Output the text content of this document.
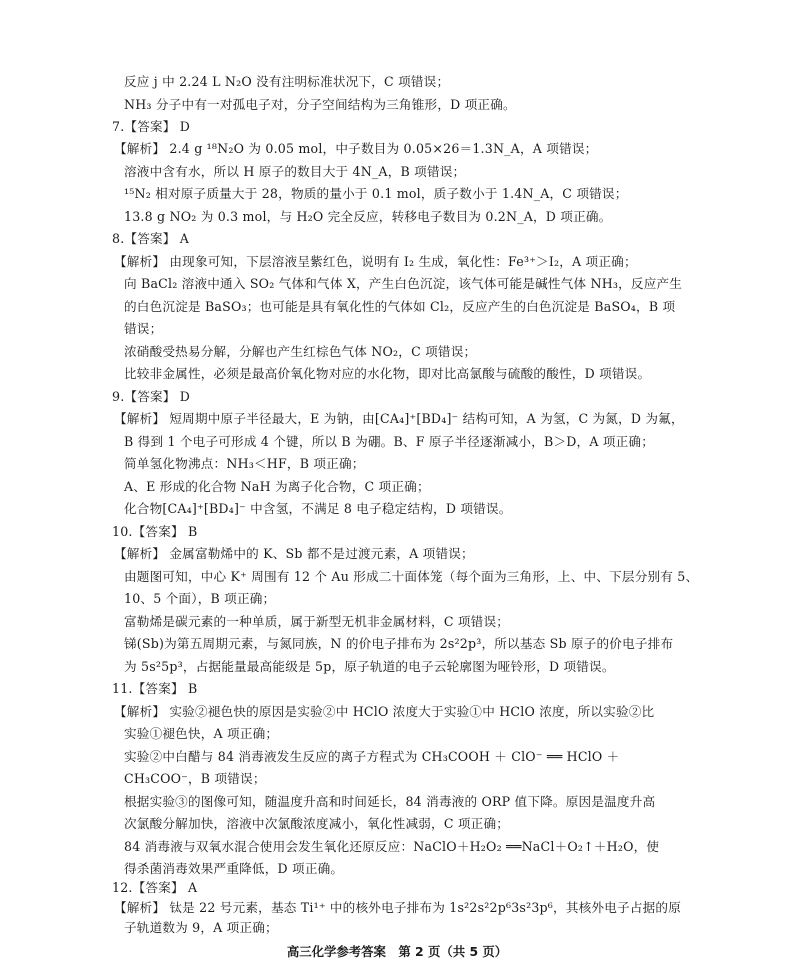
反应 j 中 2.24 L N₂O 没有注明标准状况下，C 项错误；
NH₃ 分子中有一对孤电子对，分子空间结构为三角锥形，D 项正确。
7.【答案】 D
【解析】 2.4 g ¹⁸N₂O 为 0.05 mol，中子数目为 0.05×26＝1.3N_A，A 项错误；
溶液中含有水，所以 H 原子的数目大于 4N_A，B 项错误；
¹⁵N₂ 相对原子质量大于 28，物质的量小于 0.1 mol，质子数小于 1.4N_A，C 项错误；
13.8 g NO₂ 为 0.3 mol，与 H₂O 完全反应，转移电子数目为 0.2N_A，D 项正确。
8.【答案】 A
【解析】 由现象可知，下层溶液呈紫红色，说明有 I₂ 生成，氧化性：Fe³⁺＞I₂，A 项正确；
向 BaCl₂ 溶液中通入 SO₂ 气体和气体 X，产生白色沉淀，该气体可能是碱性气体 NH₃，反应产生
的白色沉淀是 BaSO₃；也可能是具有氧化性的气体如 Cl₂，反应产生的白色沉淀是 BaSO₄，B 项
错误；
浓硝酸受热易分解，分解也产生红棕色气体 NO₂，C 项错误；
比较非金属性，必须是最高价氧化物对应的水化物，即对比高氯酸与硫酸的酸性，D 项错误。
9.【答案】 D
【解析】 短周期中原子半径最大，E 为钠，由[CA₄]⁺[BD₄]⁻ 结构可知，A 为氢，C 为氮，D 为氟，
B 得到 1 个电子可形成 4 个键，所以 B 为硼。B、F 原子半径逐渐减小，B＞D，A 项正确；
简单氢化物沸点：NH₃＜HF，B 项正确；
A、E 形成的化合物 NaH 为离子化合物，C 项正确；
化合物[CA₄]⁺[BD₄]⁻ 中含氢，不满足 8 电子稳定结构，D 项错误。
10.【答案】 B
【解析】 金属富勒烯中的 K、Sb 都不是过渡元素，A 项错误；
由题图可知，中心 K⁺ 周围有 12 个 Au 形成二十面体笼（每个面为三角形，上、中、下层分别有 5、
10、5 个面），B 项正确；
富勒烯是碳元素的一种单质，属于新型无机非金属材料，C 项错误；
锑(Sb)为第五周期元素，与氮同族，N 的价电子排布为 2s²2p³，所以基态 Sb 原子的价电子排布
为 5s²5p³，占据能量最高能级是 5p，原子轨道的电子云轮廓图为哑铃形，D 项错误。
11.【答案】 B
【解析】 实验②褪色快的原因是实验②中 HClO 浓度大于实验①中 HClO 浓度，所以实验②比
实验①褪色快，A 项正确；
实验②中白醋与 84 消毒液发生反应的离子方程式为 CH₃COOH ＋ ClO⁻ ══ HClO ＋
CH₃COO⁻，B 项错误；
根据实验③的图像可知，随温度升高和时间延长，84 消毒液的 ORP 值下降。原因是温度升高
次氯酸分解加快，溶液中次氯酸浓度减小，氧化性减弱，C 项正确；
84 消毒液与双氧水混合使用会发生氧化还原反应：NaClO＋H₂O₂ ══NaCl＋O₂↑＋H₂O，使
得杀菌消毒效果严重降低，D 项正确。
12.【答案】 A
【解析】 钛是 22 号元素，基态 Ti¹⁺ 中的核外电子排布为 1s²2s²2p⁶3s²3p⁶，其核外电子占据的原
子轨道数为 9，A 项正确；
高三化学参考答案　第 2 页（共 5 页）
